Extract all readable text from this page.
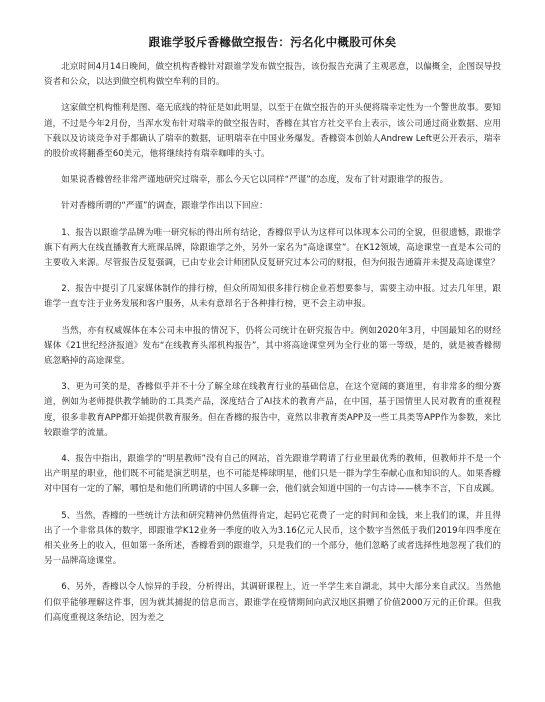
跟谁学驳斥香橼做空报告：污名化中概股可休矣

北京时间4月14日晚间，做空机构香橼针对跟谁学发布做空报告，该份报告充满了主观恶意，以偏概全，企图误导投资者和公众，以达到做空机构做空牟利的目的。

这家做空机构惟利是图、毫无底线的特征是如此明显，以至于在做空报告的开头便将瑞幸定性为一个警世故事。要知道，不过是今年2月份，当浑水发布针对瑞幸的做空报告时，香橼在其官方社交平台上表示，该公司通过商业数据、应用下载以及访谈竞争对手都确认了瑞幸的数据，证明瑞幸在中国业务爆发。香橼资本创始人Andrew Left更公开表示，瑞幸的股价或将翻番至60美元，他将继续持有瑞幸咖啡的头寸。

如果说香橼曾经非常严谨地研究过瑞幸，那么今天它以同样“严谨”的态度，发布了针对跟谁学的报告。

针对香橼所谓的“严谨”的调查，跟谁学作出以下回应：

1、报告以跟谁学品牌为唯一研究标的得出所有结论，香橼似乎认为这样可以体现本公司的全貌，但很遗憾，跟谁学旗下有两大在线直播教育大班课品牌，除跟谁学之外，另外一家名为“高途课堂”。在K12领域，高途课堂一直是本公司的主要收入来源。尽管报告反复强调，已由专业会计师团队反复研究过本公司的财报，但为何报告通篇并未提及高途课堂？

2、报告中提引了几家媒体制作的排行榜，但众所周知很多排行榜企业若想要参与，需要主动申报。过去几年里，跟谁学一直专注于业务发展和客户服务，从未有意昂名于各种排行榜，更不会主动申报。

当然，亦有权威媒体在本公司未申报的情况下，仍将公司统计在研究报告中。例如2020年3月，中国最知名的财经媒体《21世纪经济报道》发布“在线教育头部机构报告”，其中将高途课堂列为全行业的第一等级，是的，就是被香橼彻底忽略掉的高途课堂。

3、更为可笑的是，香橼似乎并不十分了解全球在线教育行业的基础信息，在这个宽阔的赛道里，有非常多的细分赛道，例如为老师提供教学辅助的工具类产品，深度结合了AI技术的教育产品，在中国，基于国情里人民对教育的重视程度，很多非教育APP都开始提供教育服务。但在香橼的报告中，竟然以非教育类APP及一些工具类等APP作为参数，来比较跟谁学的流量。

4、报告中指出，跟谁学的“明星教师”没有自己的网站，首先跟谁学聘请了行业里最优秀的教师，但教师并不是一个出产明星的职业，他们既不可能是演艺明星，也不可能是棒球明星，他们只是一群为学生奉献心血和知识的人。如果香橼对中国有一定的了解，哪怕是和他们所聘请的中国人多聊一会，他们就会知道中国的一句古诗——桃李不言，下自成蹊。

5、当然，香橼的一些统计方法和研究精神仍然值得肯定，起码它花费了一定的时间和金钱，来上我们的课，并且得出了一个非常具体的数字，即跟谁学K12业务一季度的收入为3.16亿元人民币，这个数字当然低于我们2019年四季度在相关业务上的收入，但如第一条所述，香橼看到的跟谁学，只是我们的一个部分，他们忽略了或者选择性地忽视了我们的另一品牌高途课堂。

6、另外，香橼以令人惊异的手段，分析得出，其调研课程上，近一半学生来自湖北，其中大部分来自武汉。当然他们似乎能够理解这件事，因为就其捕捉的信息而言，跟谁学在疫情期间向武汉地区捐赠了价值2000万元的正价课。但我们高度重视这条结论，因为差之
